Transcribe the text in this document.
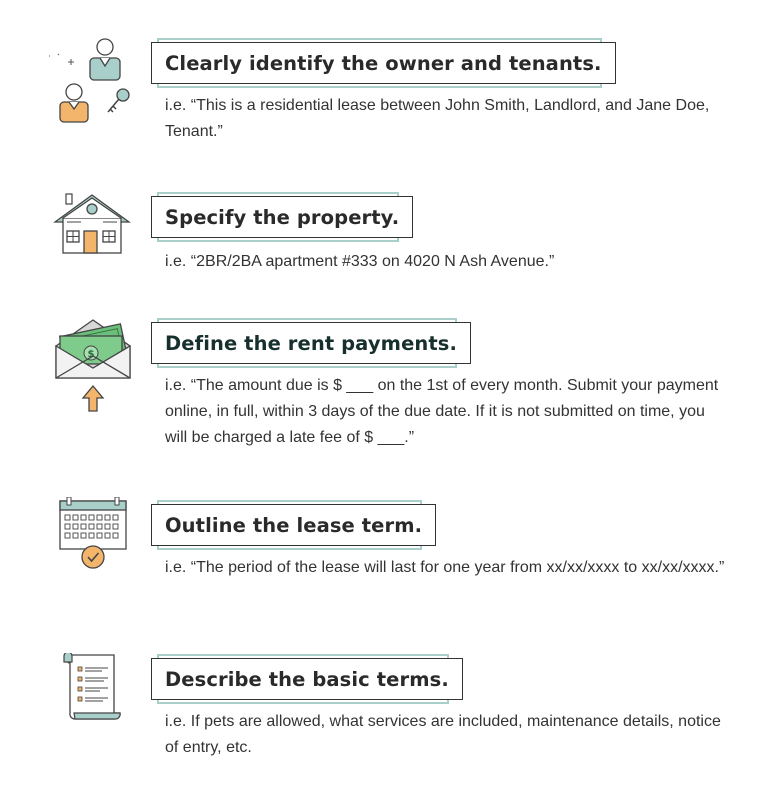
Clearly identify the owner and tenants.
i.e. “This is a residential lease between John Smith, Landlord, and Jane Doe, Tenant.”
Specify the property.
i.e. “2BR/2BA apartment #333 on 4020 N Ash Avenue.”
$	Define the rent payments.
i.e. “The amount due is $ ___ on the 1st of every month. Submit your payment online, in full, within 3 days of the due date. If it is not submitted on time, you will be charged a late fee of $ ___.”
Outline the lease term.
i.e. “The period of the lease will last for one year from xx/xx/xxxx to xx/xx/xxxx.”
Describe the basic terms.
i.e. If pets are allowed, what services are included, maintenance details, notice of entry, etc.
